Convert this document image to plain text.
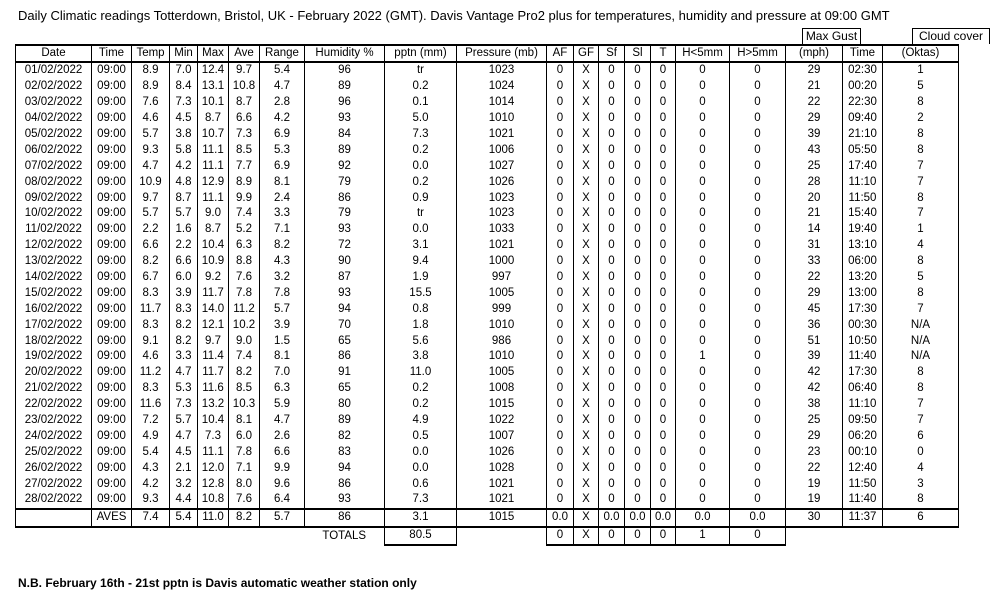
Daily Climatic readings Totterdown, Bristol, UK - February 2022 (GMT). Davis Vantage Pro2 plus for temperatures, humidity and pressure at 09:00 GMT
Max Gust	Cloud cover
Date	Time	Temp	Min	Max	Ave	Range	Humidity %	pptn (mm)	Pressure (mb)	AF	GF	Sf	Sl	T	H<5mm	H>5mm	(mph)	Time	(Oktas)
01/02/2022	09:00	8.9	7.0	12.4	9.7	5.4	96	tr	1023	0	X	0	0	0	0	0	29	02:30	1
02/02/2022	09:00	8.9	8.4	13.1	10.8	4.7	89	0.2	1024	0	X	0	0	0	0	0	21	00:20	5
03/02/2022	09:00	7.6	7.3	10.1	8.7	2.8	96	0.1	1014	0	X	0	0	0	0	0	22	22:30	8
04/02/2022	09:00	4.6	4.5	8.7	6.6	4.2	93	5.0	1010	0	X	0	0	0	0	0	29	09:40	2
05/02/2022	09:00	5.7	3.8	10.7	7.3	6.9	84	7.3	1021	0	X	0	0	0	0	0	39	21:10	8
06/02/2022	09:00	9.3	5.8	11.1	8.5	5.3	89	0.2	1006	0	X	0	0	0	0	0	43	05:50	8
07/02/2022	09:00	4.7	4.2	11.1	7.7	6.9	92	0.0	1027	0	X	0	0	0	0	0	25	17:40	7
08/02/2022	09:00	10.9	4.8	12.9	8.9	8.1	79	0.2	1026	0	X	0	0	0	0	0	28	11:10	7
09/02/2022	09:00	9.7	8.7	11.1	9.9	2.4	86	0.9	1023	0	X	0	0	0	0	0	20	11:50	8
10/02/2022	09:00	5.7	5.7	9.0	7.4	3.3	79	tr	1023	0	X	0	0	0	0	0	21	15:40	7
11/02/2022	09:00	2.2	1.6	8.7	5.2	7.1	93	0.0	1033	0	X	0	0	0	0	0	14	19:40	1
12/02/2022	09:00	6.6	2.2	10.4	6.3	8.2	72	3.1	1021	0	X	0	0	0	0	0	31	13:10	4
13/02/2022	09:00	8.2	6.6	10.9	8.8	4.3	90	9.4	1000	0	X	0	0	0	0	0	33	06:00	8
14/02/2022	09:00	6.7	6.0	9.2	7.6	3.2	87	1.9	997	0	X	0	0	0	0	0	22	13:20	5
15/02/2022	09:00	8.3	3.9	11.7	7.8	7.8	93	15.5	1005	0	X	0	0	0	0	0	29	13:00	8
16/02/2022	09:00	11.7	8.3	14.0	11.2	5.7	94	0.8	999	0	X	0	0	0	0	0	45	17:30	7
17/02/2022	09:00	8.3	8.2	12.1	10.2	3.9	70	1.8	1010	0	X	0	0	0	0	0	36	00:30	N/A
18/02/2022	09:00	9.1	8.2	9.7	9.0	1.5	65	5.6	986	0	X	0	0	0	0	0	51	10:50	N/A
19/02/2022	09:00	4.6	3.3	11.4	7.4	8.1	86	3.8	1010	0	X	0	0	0	1	0	39	11:40	N/A
20/02/2022	09:00	11.2	4.7	11.7	8.2	7.0	91	11.0	1005	0	X	0	0	0	0	0	42	17:30	8
21/02/2022	09:00	8.3	5.3	11.6	8.5	6.3	65	0.2	1008	0	X	0	0	0	0	0	42	06:40	8
22/02/2022	09:00	11.6	7.3	13.2	10.3	5.9	80	0.2	1015	0	X	0	0	0	0	0	38	11:10	7
23/02/2022	09:00	7.2	5.7	10.4	8.1	4.7	89	4.9	1022	0	X	0	0	0	0	0	25	09:50	7
24/02/2022	09:00	4.9	4.7	7.3	6.0	2.6	82	0.5	1007	0	X	0	0	0	0	0	29	06:20	6
25/02/2022	09:00	5.4	4.5	11.1	7.8	6.6	83	0.0	1026	0	X	0	0	0	0	0	23	00:10	0
26/02/2022	09:00	4.3	2.1	12.0	7.1	9.9	94	0.0	1028	0	X	0	0	0	0	0	22	12:40	4
27/02/2022	09:00	4.2	3.2	12.8	8.0	9.6	86	0.6	1021	0	X	0	0	0	0	0	19	11:50	3
28/02/2022	09:00	9.3	4.4	10.8	7.6	6.4	93	7.3	1021	0	X	0	0	0	0	0	19	11:40	8
	AVES	7.4	5.4	11.0	8.2	5.7	86	3.1	1015	0.0	X	0.0	0.0	0.0	0.0	0.0	30	11:37	6
							TOTALS	80.5		0	X	0	0	0	1	0			
N.B. February 16th - 21st pptn is Davis automatic weather station only
